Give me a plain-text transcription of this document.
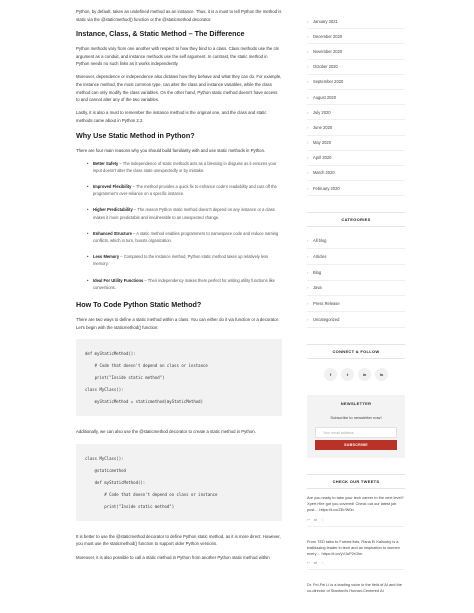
Python, by default, takes an undefined method as an instance. Thus, it is a must to tell Python the method is static via the @staticmethod() function or the @staticmethod decorator.
Instance, Class, & Static Method – The Difference
Python methods vary from one another with respect to how they bind to a class. Class methods use the cls argument as a conduit, and instance methods use the self argument. In contrast, the static method in Python needs no such links as it works independently.
Moreover, dependence or independence also dictates how they behave and what they can do. For example, the instance method, the most common type, can alter the class and instance variables, while the class method can only modify the class variables. On the other hand, Python static method doesn't have access to and cannot alter any of the two variables.
Lastly, it is also a must to remember the instance method is the original one, and the class and static methods came about in Python 2.2.
Why Use Static Method in Python?
There are four main reasons why you should build familiarity with and use static methods in Python.
•	Better Safety – The independence of static methods acts as a blessing in disguise as it ensures your input doesn't alter the class state unexpectedly or by mistake.
•	Improved Flexibility – The method provides a quick fix to enhance code's readability and cuts off the programmer's over-reliance on a specific instance.
•	Higher Predictability – The reason Python static method doesn't depend on any instance or a class makes it more predictable and invulnerable to an unexpected change.
•	Enhanced Structure – A static method enables programmers to namespace code and reduce naming conflicts, which in turn, boosts organization.
•	Less Memory – Compared to the instance method, Python static method takes up relatively less memory.
•	Ideal For Utility Functions – Their independency makes them perfect for writing utility functions like conversions.
How To Code Python Static Method?
There are two ways to define a static method within a class. You can either do it via function or a decorator. Let's begin with the staticmethod() function:
def myStaticMethod():
# Code that doesn't depend on class or instance
print("Inside static method")
class MyClass():
myStaticMethod = staticmethod(myStaticMethod)
Additionally, we can also use the @staticmethod decorator to create a static method in Python.
class MyClass():
@staticmethod
def myStaticMethod():
# Code that doesn't depend on class or instance
print("Inside static method")
It is better to use the @staticmethod decorator to define Python static method, as it is more direct. However, you must use the staticmethod() function to support older Python versions.
Moreover, it is also possible to call a static method in Python from another Python static method within
›	January 2021
›	December 2020
›	November 2020
›	October 2020
›	September 2020
›	August 2020
›	July 2020
›	June 2020
›	May 2020
›	April 2020
›	March 2020
›	February 2020
CATEGORIES
›	All blog
›	Articles
›	Blog
›	Java
›	Press Release
›	Uncategorized
CONNECT & FOLLOW
f	t	in	in
NEWSLETTER
Subscribe to newsletter now!
Your email address
SUBSCRIBE
CHECK OUR TWEETS
Are you ready to take your tech career to the next level? Xpert Hire got you covered! Check out our latest job post… https://t.co/ZEr/W0n
↩ ⇄ ♡
From TED talks to Forbes lists, Rana El Kaliouby is a trailblazing leader in tech and an inspiration to women every… https://t.co/yVJuP2rOlm
↩ ⇄ ♡
Dr. Fei-Fei Li is a leading voice in the field of AI and the co-director of Stanford's Human-Centered AI
